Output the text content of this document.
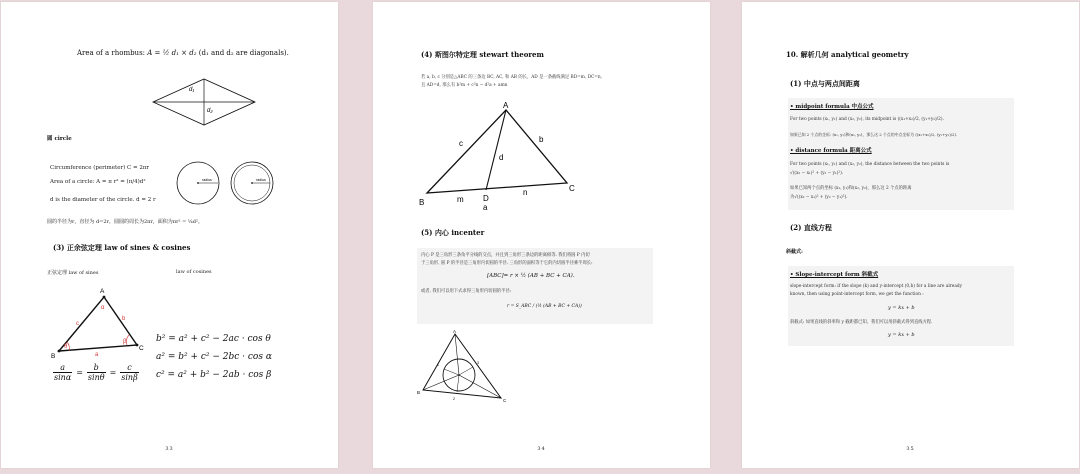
Area of a rhombus: A = ½ d₁ × d₂ (d₁ and d₂ are diagonals).
d₁
d₂
圆 circle
Circumference (perimeter) C = 2πr
Area of a circle: A = π r² = (π/4)d²
d is the diameter of the circle. d = 2 r
radius	radius
圆的半径为r，直径为 d=2r，圆圆的周长为2πr，面积为πr² = ¼d²。
(3) 正余弦定理 law of sines & cosines
正弦定理 law of sines	law of cosines
A
B
C
c
b
a
θ
β
α
b² = a² + c² − 2ac · cos θ
a² = b² + c² − 2bc · cos α
c² = a² + b² − 2ab · cos β
$\frac{a}{\sin\alpha} = \frac{b}{\sin\theta} = \frac{c}{\sin\beta}$
33
(4) 斯图尔特定理 stewart theorem
若 a, b, c 分别是△ABC 的三条边 BC, AC, 和 AB 的长，AD 是一条截线满足 BD=m, DC=n,
且 AD=d, 那么有 b²m + c²n − d²a + amn
A
B
C
D
a
b
c
d
m
n
(5) 内心 incenter
内心 P 是三角形三条角平分线的交点，并且到三角形三条边的距离相等. 我们将圆 P 内切
于三角形, 圆 P 的半径是三角形内切圆的半径. 三角形的面积等于它的内切圆半径乘半周长:
[ABC]= r × ½ (AB + BC + CA).
或者, 我们可以用下式求得三角形内切圆的半径:
r = S_ABC / (½ (AB + BC + CA))
A
B
C
1
2
3
34
10. 解析几何 analytical geometry
(1) 中点与两点间距离
• midpoint formula 中点公式
For two points (x₁, y₁) and (x₂, y₂), its midpoint is ((x₁+x₂)/2, (y₁+y₂)/2).
如果已知 2 个点的坐标: (x₁, y₁)和(x₂, y₂)，那么这 2 个点的中点坐标为 ((x₁+x₂)/2, (y₁+y₂)/2).
• distance formula 距离公式
For two points (x₁, y₁) and (x₂, y₂), the distance between the two points is
√((x₂ − x₁)² + (y₂ − y₁)²).
如果已知两个点的坐标 (x₁, y₁)和(x₂, y₂)，那么这 2 个点的距离
为√((x₂ − x₁)² + (y₂ − y₁)²).
(2) 直线方程
斜截式:
• Slope-intercept form 斜截式
slope-intercept form: if the slope (k) and y-intercept (0,b) for a line are already
known, then using point-intercept form, we get the function :
y = kx + b
斜截式: 如果直线的斜率和 y 截距都已知，我们可以用斜截式得到直线方程.
y = kx + b
35
